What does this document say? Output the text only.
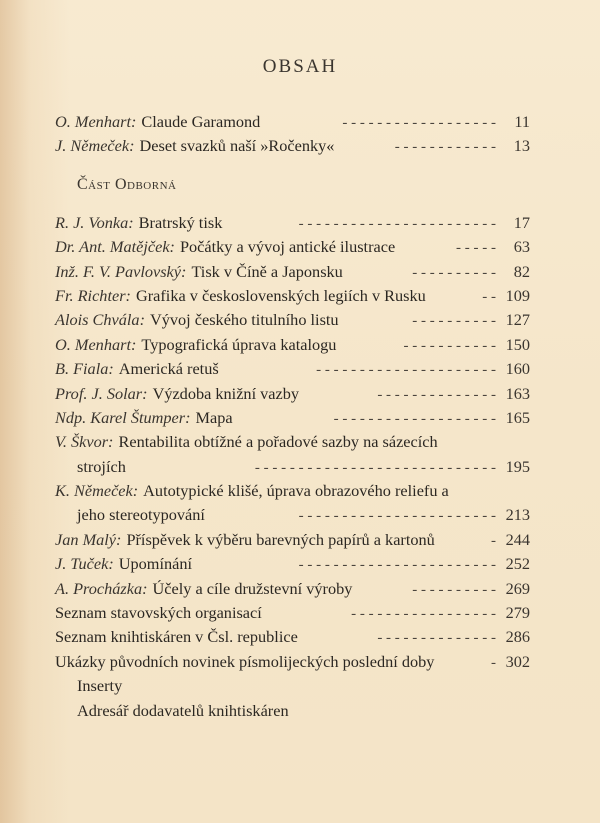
OBSAH
O. Menhart: Claude Garamond	- - - - - - - - - - - - - - - - - -	11
J. Němeček: Deset svazků naší »Ročenky«	- - - - - - - - - - - -	13
Část Odborná
R. J. Vonka: Bratrský tisk	- - - - - - - - - - - - - - - - - - - - - - -	17
Dr. Ant. Matějček: Počátky a vývoj antické ilustrace	- - - - -	63
Inž. F. V. Pavlovský: Tisk v Číně a Japonsku	- - - - - - - - - -	82
Fr. Richter: Grafika v československých legiích v Rusku	- - 109
Alois Chvála: Vývoj českého titulního listu	- - - - - - - - - - 127
O. Menhart: Typografická úprava katalogu	- - - - - - - - - - - 150
B. Fiala: Americká retuš	- - - - - - - - - - - - - - - - - - - - - 160
Prof. J. Solar: Výzdoba knižní vazby	- - - - - - - - - - - - - - 163
Ndp. Karel Štumper: Mapa	- - - - - - - - - - - - - - - - - - - 165
V. Škvor: Rentabilita obtížné a pořadové sazby na sázecích
strojích	- - - - - - - - - - - - - - - - - - - - - - - - - - - - 195
K. Němeček: Autotypické klišé, úprava obrazového reliefu a
jeho stereotypování	- - - - - - - - - - - - - - - - - - - - - - - 213
Jan Malý: Příspěvek k výběru barevných papírů a kartonů	- 244
J. Tuček: Upomínání	- - - - - - - - - - - - - - - - - - - - - - - 252
A. Procházka: Účely a cíle družstevní výroby	- - - - - - - - - - 269
Seznam stavovských organisací	- - - - - - - - - - - - - - - - - 279
Seznam knihtiskáren v Čsl. republice	- - - - - - - - - - - - - - 286
Ukázky původních novinek písmolijeckých poslední doby	- 302
Inserty
Adresář dodavatelů knihtiskáren
